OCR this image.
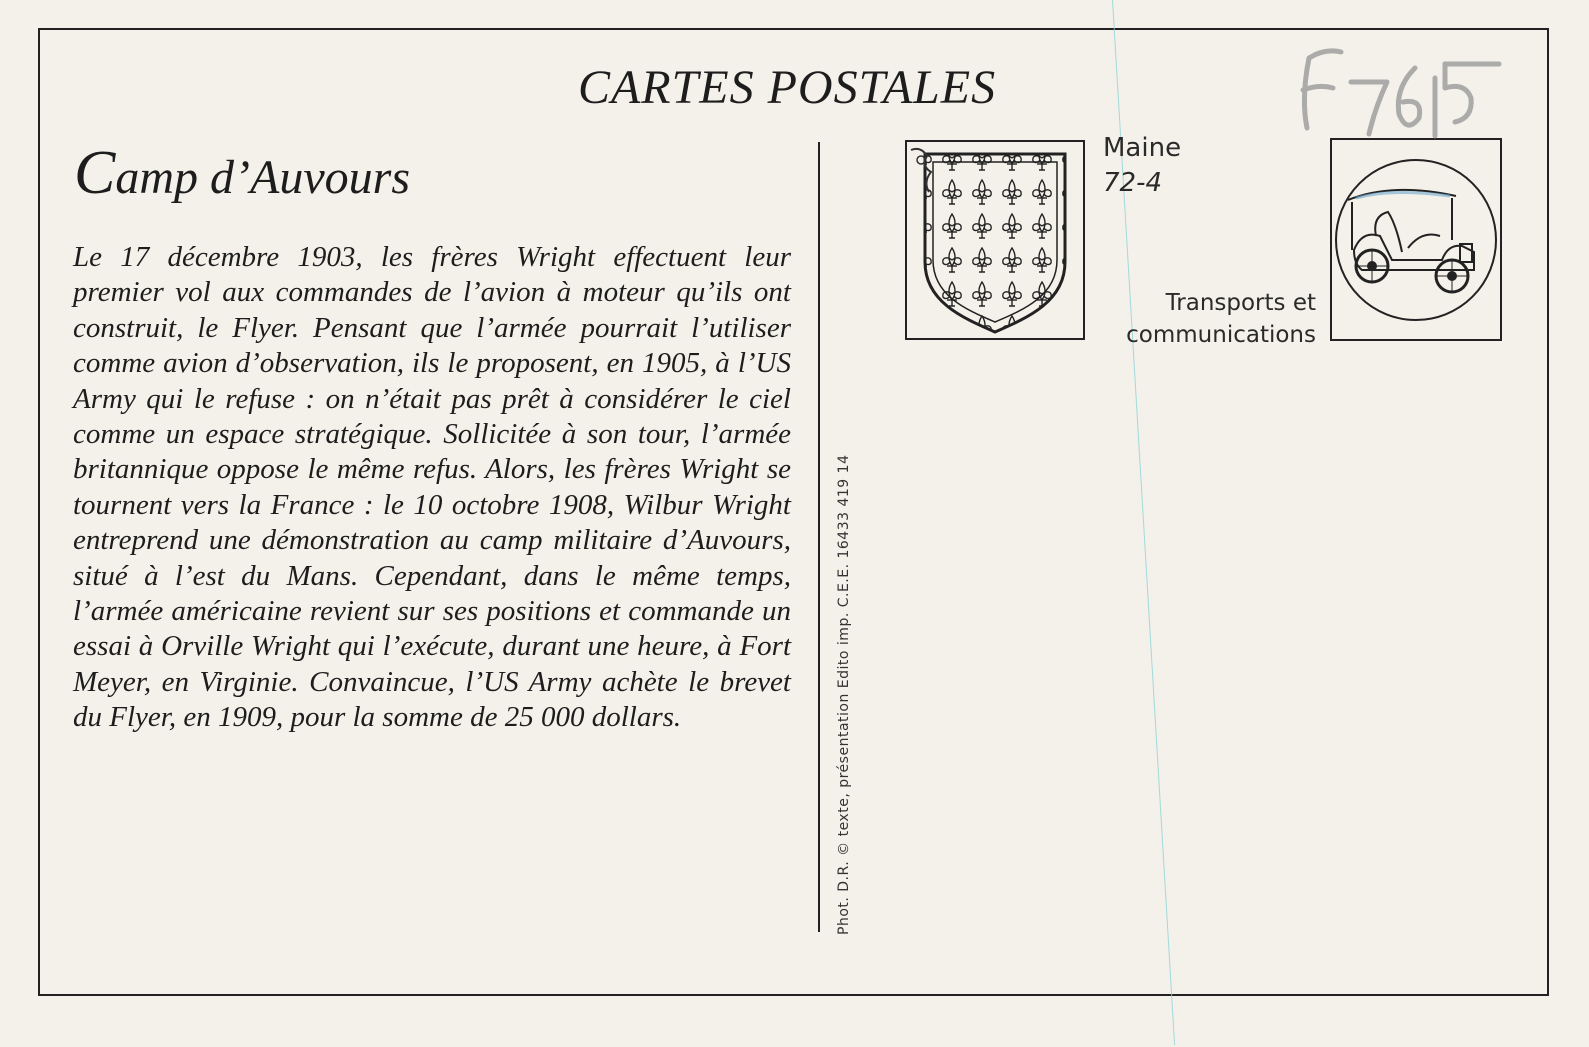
CARTES POSTALES
Camp d’Auvours

Le 17 décembre 1903, les frères Wright effectuent leur premier vol aux commandes de l’avion à moteur qu’ils ont construit, le Flyer. Pensant que l’armée pourrait l’utiliser comme avion d’observation, ils le proposent, en 1905, à l’US Army qui le refuse : on n’était pas prêt à considérer le ciel comme un espace stratégique. Sollicitée à son tour, l’armée britannique oppose le même refus. Alors, les frères Wright se tournent vers la France : le 10 octobre 1908, Wilbur Wright entreprend une démonstration au camp militaire d’Auvours, situé à l’est du Mans. Cependant, dans le même temps, l’armée américaine revient sur ses positions et commande un essai à Orville Wright qui l’exécute, durant une heure, à Fort Meyer, en Virginie. Convaincue, l’US Army achète le brevet du Flyer, en 1909, pour la somme de 25 000 dollars.	Phot. D.R. © texte, présentation Edito imp. C.E.E. 16433 419 14
Maine
72-4
Transports et
communications
